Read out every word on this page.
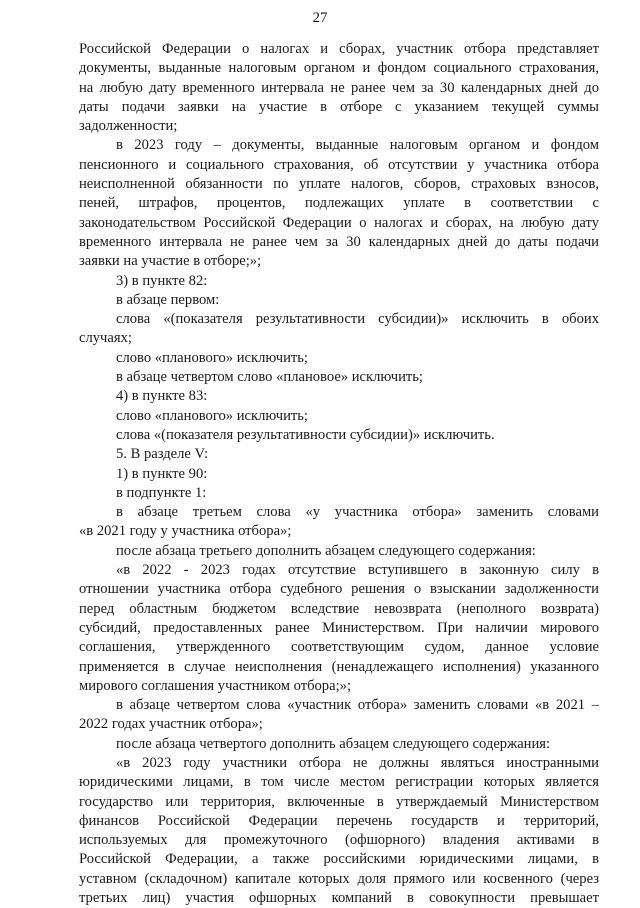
27
Российской Федерации о налогах и сборах, участник отбора представляет
документы, выданные налоговым органом и фондом социального страхования,
на любую дату временного интервала не ранее чем за 30 календарных дней до
даты подачи заявки на участие в отборе с указанием текущей суммы
задолженности;
в 2023 году – документы, выданные налоговым органом и фондом
пенсионного и социального страхования, об отсутствии у участника отбора
неисполненной обязанности по уплате налогов, сборов, страховых взносов,
пеней, штрафов, процентов, подлежащих уплате в соответствии с
законодательством Российской Федерации о налогах и сборах, на любую дату
временного интервала не ранее чем за 30 календарных дней до даты подачи
заявки на участие в отборе;»;
3) в пункте 82:
в абзаце первом:
слова «(показателя результативности субсидии)» исключить в обоих
случаях;
слово «планового» исключить;
в абзаце четвертом слово «плановое» исключить;
4) в пункте 83:
слово «планового» исключить;
слова «(показателя результативности субсидии)» исключить.
5. В разделе V:
1) в пункте 90:
в подпункте 1:
в абзаце третьем слова «у участника отбора» заменить словами
«в 2021 году у участника отбора»;
после абзаца третьего дополнить абзацем следующего содержания:
«в 2022 - 2023 годах отсутствие вступившего в законную силу в
отношении участника отбора судебного решения о взыскании задолженности
перед областным бюджетом вследствие невозврата (неполного возврата)
субсидий, предоставленных ранее Министерством. При наличии мирового
соглашения, утвержденного соответствующим судом, данное условие
применяется в случае неисполнения (ненадлежащего исполнения) указанного
мирового соглашения участником отбора;»;
в абзаце четвертом слова «участник отбора» заменить словами «в 2021 –
2022 годах участник отбора»;
после абзаца четвертого дополнить абзацем следующего содержания:
«в 2023 году участники отбора не должны являться иностранными
юридическими лицами, в том числе местом регистрации которых является
государство или территория, включенные в утверждаемый Министерством
финансов Российской Федерации перечень государств и территорий,
используемых для промежуточного (офшорного) владения активами в
Российской Федерации, а также российскими юридическими лицами, в
уставном (складочном) капитале которых доля прямого или косвенного (через
третьих лиц) участия офшорных компаний в совокупности превышает
